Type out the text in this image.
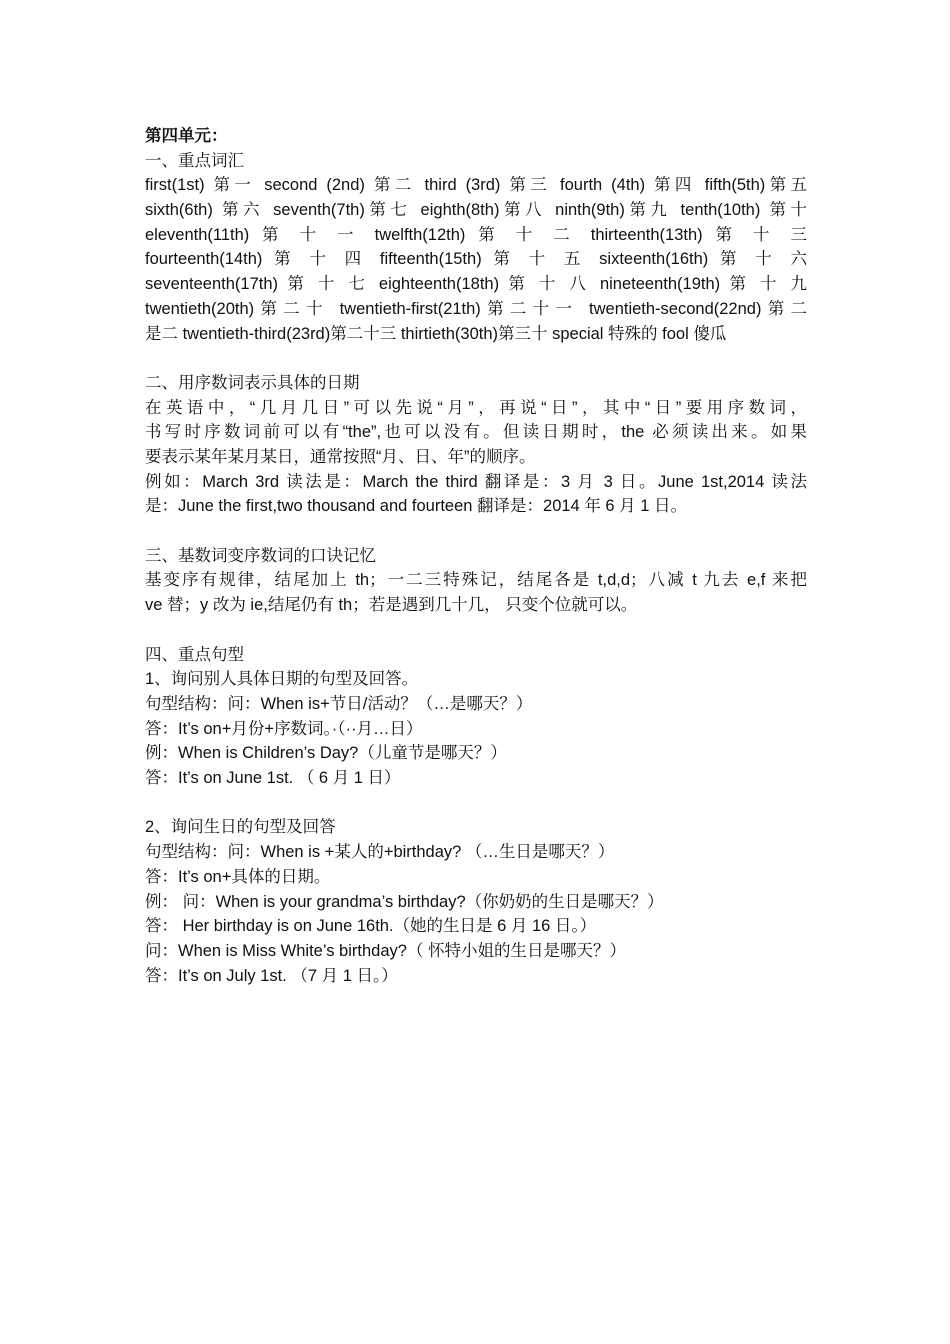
第四单元：
一、重点词汇
first(1st) 第一 second (2nd) 第二 third (3rd) 第三 fourth (4th) 第四 fifth(5th)第五
sixth(6th) 第六 seventh(7th)第七 eighth(8th)第八 ninth(9th)第九 tenth(10th) 第十
eleventh(11th) 第 十 一 twelfth(12th) 第 十 二 thirteenth(13th) 第 十 三
fourteenth(14th) 第 十 四 fifteenth(15th) 第 十 五 sixteenth(16th) 第 十 六
seventeenth(17th) 第 十 七 eighteenth(18th) 第 十 八 nineteenth(19th) 第 十 九
twentieth(20th)第二十 twentieth-first(21th)第二十一 twentieth-second(22nd)第二
是二 twentieth-third(23rd)第二十三 thirtieth(30th)第三十 special 特殊的 fool 傻瓜
二、用序数词表示具体的日期
在英语中，“几月几日”可以先说“月”，再说“日”，其中“日”要用序数词，
书写时序数词前可以有“the”,也可以没有。但读日期时，the 必须读出来。如果
要表示某年某月某日，通常按照“月、日、年”的顺序。
例如：March 3rd 读法是：March the third 翻译是：3 月 3 日。June 1st,2014 读法
是：June the first,two thousand and fourteen 翻译是：2014 年 6 月 1 日。
三、基数词变序数词的口诀记忆
基变序有规律，结尾加上 th；一二三特殊记，结尾各是 t,d,d；八减 t 九去 e,f 来把
ve 替；y 改为 ie,结尾仍有 th；若是遇到几十几， 只变个位就可以。
四、重点句型
1、询问别人具体日期的句型及回答。
句型结构：问：When is+节日/活动？（…是哪天？）
答：It’s on+月份+序数词。·（··月…日）
例：When is Children’s Day?（儿童节是哪天？）
答：It’s on June 1st. （ 6 月 1 日）
2、询问生日的句型及回答
句型结构：问：When is +某人的+birthday? （…生日是哪天？）
答：It’s on+具体的日期。
例： 问：When is your grandma’s birthday?（你奶奶的生日是哪天？）
答： Her birthday is on June 16th.（她的生日是 6 月 16 日。）
问：When is Miss White’s birthday?（ 怀特小姐的生日是哪天？）
答：It’s on July 1st. （7 月 1 日。）
